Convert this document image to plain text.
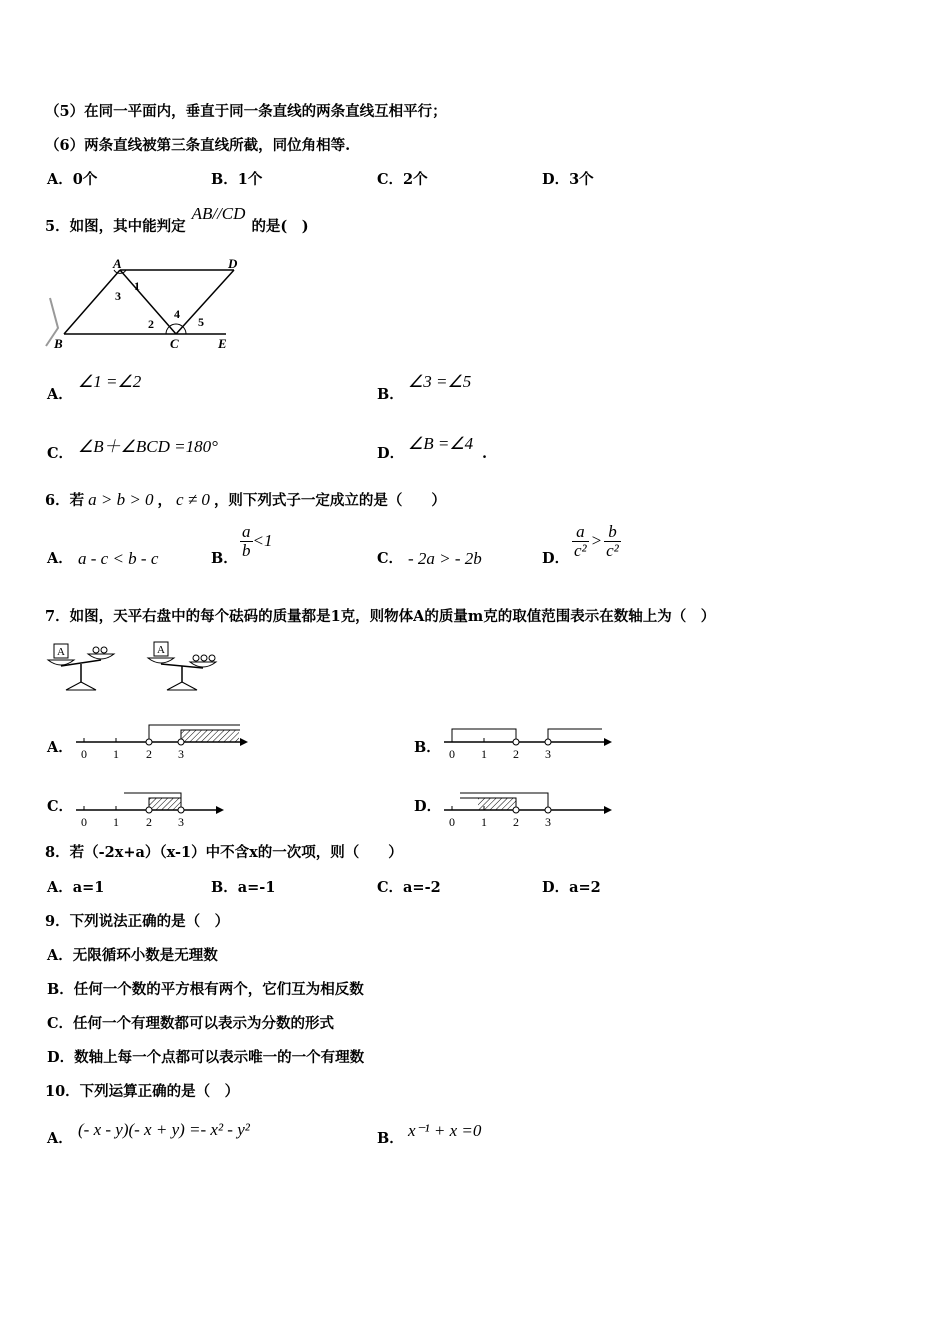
（5）在同一平面内，垂直于同一条直线的两条直线互相平行；
（6）两条直线被第三条直线所截，同位角相等.
A．0个	B．1个	C．2个	D．3个
5．如图，其中能判定AB//CD的是(　)
A	D
B	C	E
1
2
3
4
5
A．
∠1 =∠2
B．
∠3 =∠5
C． ∠B＋∠BCD =180°	D．
∠B =∠4
.
6．若 a > b > 0 ， c ≠ 0 ，则下列式子一定成立的是（　　）
A． a - c < b - c	B． $\frac{a}{b} <1$
C． - 2a > - 2b	D． $\frac{a}{\text{c²}} > \frac{b}{\text{c²}}$
7．如图，天平右盘中的每个砝码的质量都是1克，则物体A的质量m克的取值范围表示在数轴上为（　）
A	A
A． 0 1 2 3	B． 0 1 2 3
C．
0 1 2 3
D．
0 1 2 3
8．若（-2x+a）（x-1）中不含x的一次项，则（　　）
A．a=1	B．a=-1	C．a=-2	D．a=2
9．下列说法正确的是（　）
A．无限循环小数是无理数
B．任何一个数的平方根有两个，它们互为相反数
C．任何一个有理数都可以表示为分数的形式
D．数轴上每一个点都可以表示唯一的一个有理数
10．下列运算正确的是（　）
A． (- x - y)(- x + y) =- x² - y²	B． x⁻¹ + x =0
